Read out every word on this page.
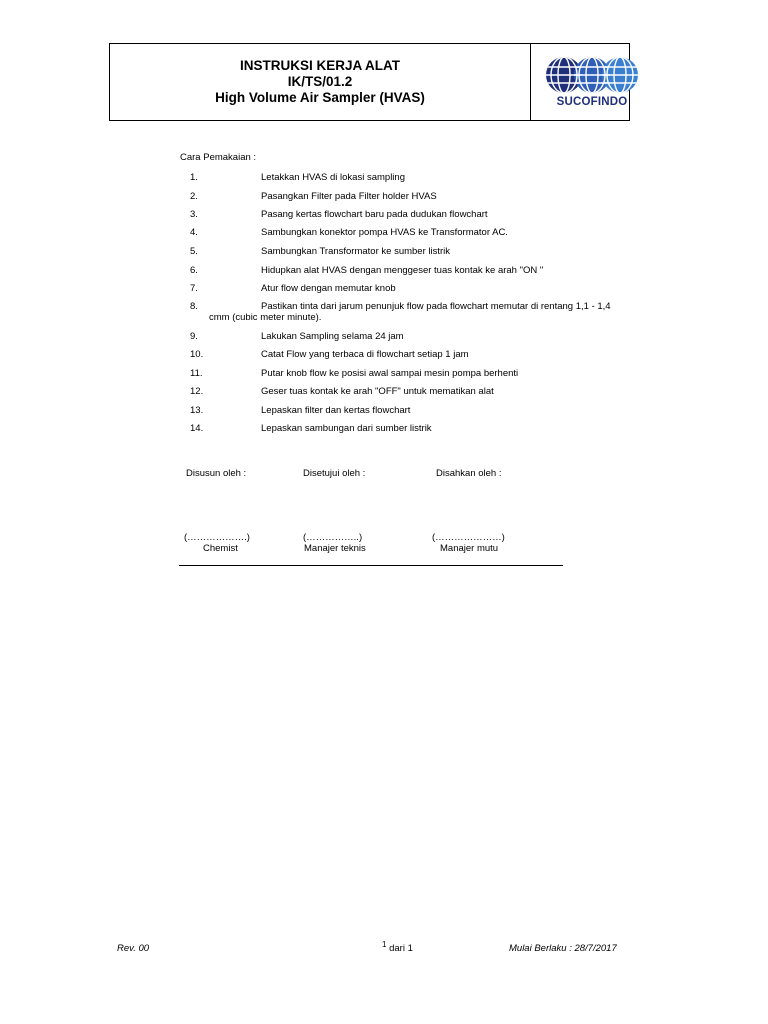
INSTRUKSI KERJA ALAT
IK/TS/01.2
High Volume Air Sampler (HVAS)	SUCOFINDO
Cara Pemakaian :
1.	Letakkan HVAS di lokasi sampling
2.	Pasangkan Filter pada Filter holder HVAS
3.	Pasang kertas flowchart baru pada dudukan flowchart
4.	Sambungkan konektor pompa HVAS ke Transformator AC.
5.	Sambungkan Transformator ke sumber listrik
6.	Hidupkan alat HVAS dengan menggeser tuas kontak ke arah "ON "
7.	Atur flow dengan memutar knob
8.	Pastikan tinta dari jarum penunjuk flow pada flowchart memutar di rentang 1,1 - 1,4
cmm (cubic meter minute).
9.	Lakukan Sampling selama 24 jam
10.	Catat Flow yang terbaca di flowchart setiap 1 jam
11.	Putar knob flow ke posisi awal sampai mesin pompa berhenti
12.	Geser tuas kontak ke arah "OFF" untuk mematikan alat
13.	Lepaskan filter dan kertas flowchart
14.	Lepaskan sambungan dari sumber listrik
Disusun oleh :	Disetujui oleh :	Disahkan oleh :
(……………….)	(……………..)	(…………………)
Chemist	Manajer teknis	Manajer mutu
Rev. 00	$^1$ dari 1	Mulai Berlaku : 28/7/2017
